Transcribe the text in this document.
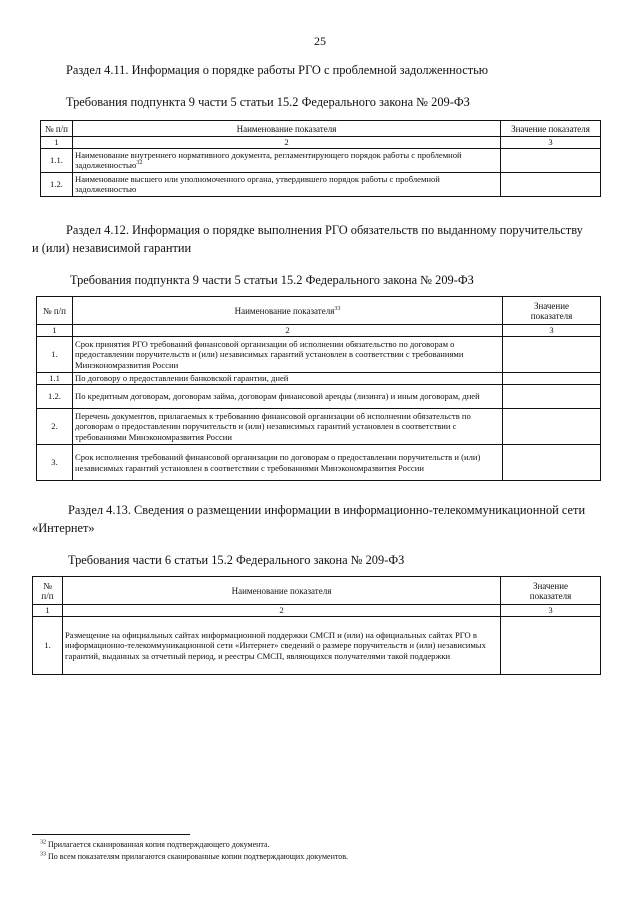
25
Раздел 4.11. Информация о порядке работы РГО с проблемной задолженностью
Требования подпункта 9 части 5 статьи 15.2 Федерального закона № 209-ФЗ
№ п/п	Наименование показателя	Значение показателя
1	2	3
1.1.	Наименование внутреннего нормативного документа, регламентирующего порядок работы с проблемной задолженностью$^{32}$	
1.2.	Наименование высшего или уполномоченного органа, утвердившего порядок работы с проблемной задолженностью	
Раздел 4.12. Информация о порядке выполнения РГО обязательств по выданному поручительству
и (или) независимой гарантии
Требования подпункта 9 части 5 статьи 15.2 Федерального закона № 209-ФЗ
№ п/п	Наименование показателя$^{33}$	Значение
показателя
1	2	3
1.	Срок принятия РГО требований финансовой организации об исполнении обязательство по договорам о предоставлении поручительств и (или) независимых гарантий установлен в соответствии с требованиями Минэкономразвития России	
1.1	По договору о предоставлении банковской гарантии, дней	
1.2.	По кредитным договорам, договорам займа, договорам финансовой аренды (лизинга) и иным договорам, дней	
2.	Перечень документов, прилагаемых к требованию финансовой организации об исполнении обязательств по договорам о предоставлении поручительств и (или) независимых гарантий установлен в соответствии с требованиями Минэкономразвития России	
3.	Срок исполнения требований финансовой организации по договорам о предоставлении поручительств и (или) независимых гарантий установлен в соответствии с требованиями Минэкономразвития России	
Раздел 4.13. Сведения о размещении информации в информационно-телекоммуникационной сети
«Интернет»
Требования части 6 статьи 15.2 Федерального закона № 209-ФЗ
№
п/п	Наименование показателя	Значение
показателя
1	2	3
1.	Размещение на официальных сайтах информационной поддержки СМСП и (или) на официальных сайтах РГО в информационно-телекоммуникационной сети «Интернет» сведений о размере поручительств и (или) независимых гарантий, выданных за отчетный период, и реестры СМСП, являющихся получателями такой поддержки	
$^{32}$ Прилагается сканированная копия подтверждающего документа.
$^{33}$ По всем показателям прилагаются сканированные копии подтверждающих документов.
